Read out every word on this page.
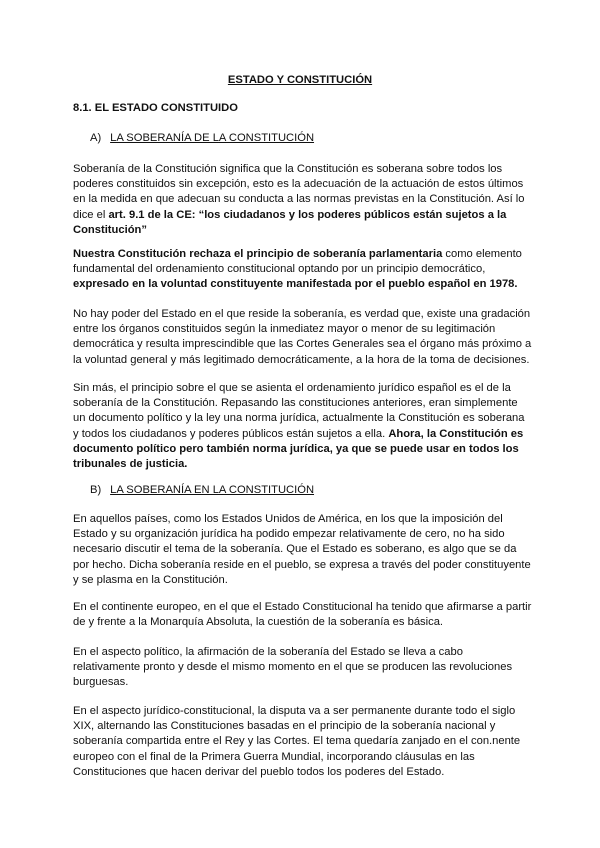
ESTADO Y CONSTITUCIÓN
8.1. EL ESTADO CONSTITUIDO
A) LA SOBERANÍA DE LA CONSTITUCIÓN

Soberanía de la Constitución significa que la Constitución es soberana sobre todos los
poderes constituidos sin excepción, esto es la adecuación de la actuación de estos últimos
en la medida en que adecuan su conducta a las normas previstas en la Constitución. Así lo
dice el art. 9.1 de la CE: “los ciudadanos y los poderes públicos están sujetos a la
Constitución”

Nuestra Constitución rechaza el principio de soberanía parlamentaria como elemento
fundamental del ordenamiento constitucional optando por un principio democrático,
expresado en la voluntad constituyente manifestada por el pueblo español en 1978.

No hay poder del Estado en el que reside la soberanía, es verdad que, existe una gradación
entre los órganos constituidos según la inmediatez mayor o menor de su legitimación
democrática y resulta imprescindible que las Cortes Generales sea el órgano más próximo a
la voluntad general y más legitimado democráticamente, a la hora de la toma de decisiones.

Sin más, el principio sobre el que se asienta el ordenamiento jurídico español es el de la
soberanía de la Constitución. Repasando las constituciones anteriores, eran simplemente
un documento político y la ley una norma jurídica, actualmente la Constitución es soberana
y todos los ciudadanos y poderes públicos están sujetos a ella. Ahora, la Constitución es
documento político pero también norma jurídica, ya que se puede usar en todos los
tribunales de justicia.

B) LA SOBERANÍA EN LA CONSTITUCIÓN

En aquellos países, como los Estados Unidos de América, en los que la imposición del
Estado y su organización jurídica ha podido empezar relativamente de cero, no ha sido
necesario discutir el tema de la soberanía. Que el Estado es soberano, es algo que se da
por hecho. Dicha soberanía reside en el pueblo, se expresa a través del poder constituyente
y se plasma en la Constitución.

En el continente europeo, en el que el Estado Constitucional ha tenido que afirmarse a partir
de y frente a la Monarquía Absoluta, la cuestión de la soberanía es básica.

En el aspecto político, la afirmación de la soberanía del Estado se lleva a cabo
relativamente pronto y desde el mismo momento en el que se producen las revoluciones
burguesas.

En el aspecto jurídico-constitucional, la disputa va a ser permanente durante todo el siglo
XIX, alternando las Constituciones basadas en el principio de la soberanía nacional y
soberanía compartida entre el Rey y las Cortes. El tema quedaría zanjado en el con.nente
europeo con el final de la Primera Guerra Mundial, incorporando cláusulas en las
Constituciones que hacen derivar del pueblo todos los poderes del Estado.
